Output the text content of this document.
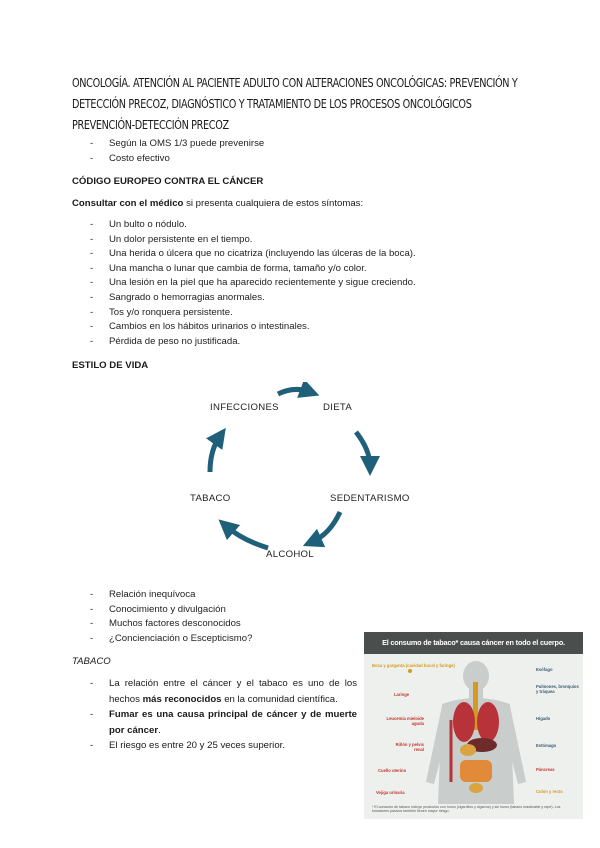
ONCOLOGÍA. ATENCIÓN AL PACIENTE ADULTO CON ALTERACIONES ONCOLÓGICAS: PREVENCIÓN Y
DETECCIÓN PRECOZ, DIAGNÓSTICO Y TRATAMIENTO DE LOS PROCESOS ONCOLÓGICOS
PREVENCIÓN-DETECCIÓN PRECOZ
- Según la OMS 1/3 puede prevenirse
- Costo efectivo
CÓDIGO EUROPEO CONTRA EL CÁNCER
Consultar con el médico si presenta cualquiera de estos síntomas:
- Un bulto o nódulo.
- Un dolor persistente en el tiempo.
- Una herida o úlcera que no cicatriza (incluyendo las úlceras de la boca).
- Una mancha o lunar que cambia de forma, tamaño y/o color.
- Una lesión en la piel que ha aparecido recientemente y sigue creciendo.
- Sangrado o hemorragias anormales.
- Tos y/o ronquera persistente.
- Cambios en los hábitos urinarios o intestinales.
- Pérdida de peso no justificada.
ESTILO DE VIDA
INFECCIONES	DIETA
SEDENTARISMO
ALCOHOL
TABACO
- Relación inequívoca
- Conocimiento y divulgación
- Muchos factores desconocidos
- ¿Concienciación o Escepticismo?
TABACO
- La relación entre el cáncer y el tabaco es uno de los hechos más reconocidos en la comunidad científica.
- Fumar es una causa principal de cáncer y de muerte por cáncer.
- El riesgo es entre 20 y 25 veces superior.
El consumo de tabaco* causa cáncer en todo el cuerpo.
Boca y garganta (cavidad bucal y faringe)
Laringe
Leucemia mieloide aguda
Riñón y pelvis renal
Cuello uterino
Vejiga urinaria
Esófago
Pulmones, bronquios y tráquea
Hígado
Estómago
Páncreas
Colon y recto
* El consumo de tabaco incluye productos con humo (cigarrillos y cigarros) y sin humo (tabaco masticable y rapé). Los fumadores pasivos también tienen mayor riesgo.
